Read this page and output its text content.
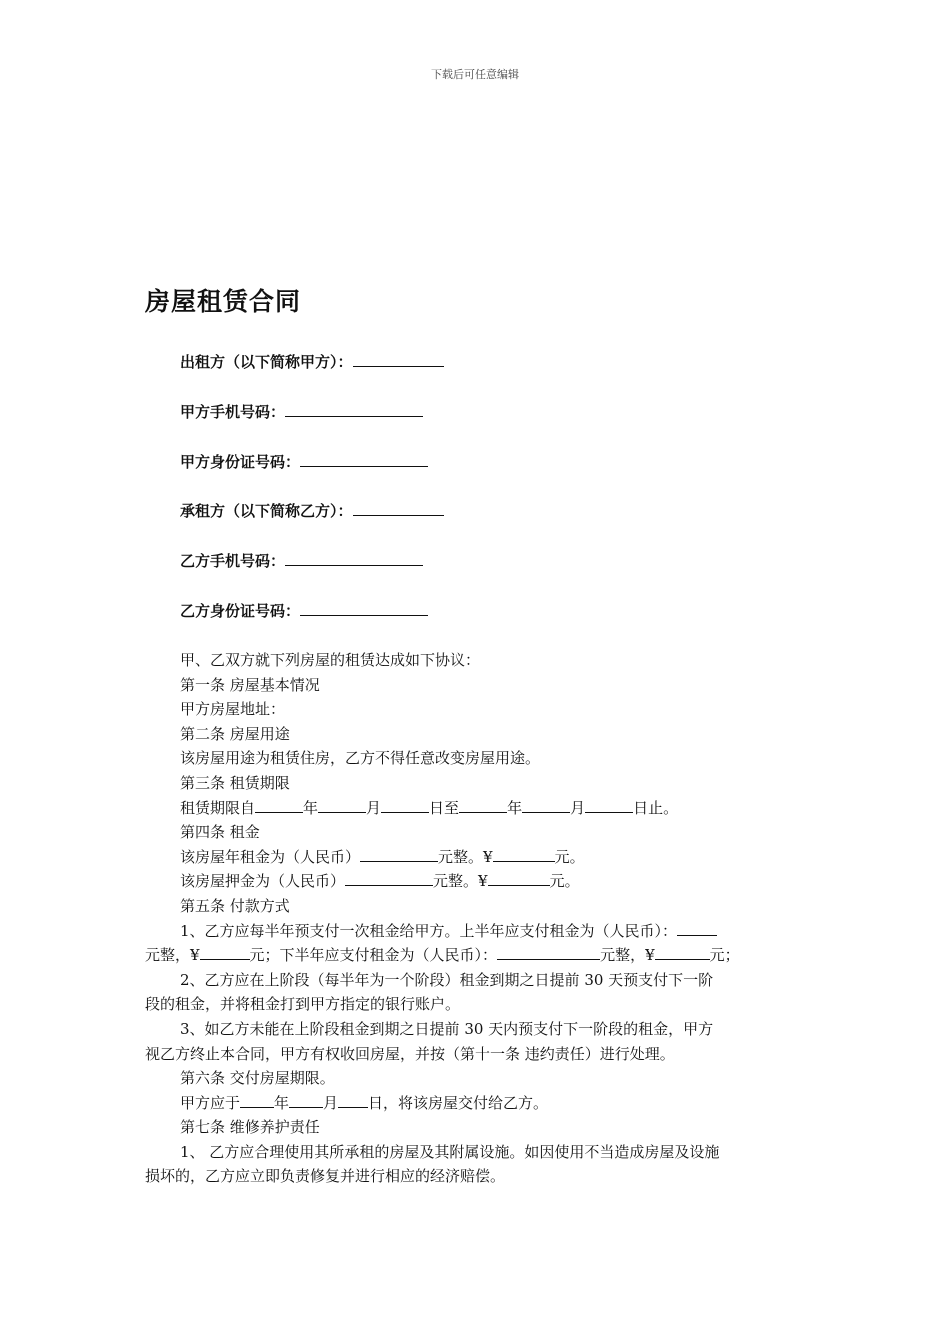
下载后可任意编辑
房屋租赁合同
出租方（以下简称甲方）：
甲方手机号码：
甲方身份证号码：
承租方（以下简称乙方）：
乙方手机号码：
乙方身份证号码：

甲、乙双方就下列房屋的租赁达成如下协议：

第一条 房屋基本情况

甲方房屋地址：

第二条 房屋用途

该房屋用途为租赁住房，乙方不得任意改变房屋用途。

第三条 租赁期限

租赁期限自	年	月	日至	年	月	日止。

第四条 租金

该房屋年租金为（人民币）	元整。¥	元。

该房屋押金为（人民币）	元整。¥	元。

第五条 付款方式

1、乙方应每半年预支付一次租金给甲方。上半年应支付租金为（人民币）：

元整，¥	元；下半年应支付租金为（人民币）：	元整，¥	元；

2、乙方应在上阶段（每半年为一个阶段）租金到期之日提前 30 天预支付下一阶

段的租金，并将租金打到甲方指定的银行账户。

3、如乙方未能在上阶段租金到期之日提前 30 天内预支付下一阶段的租金，甲方

视乙方终止本合同，甲方有权收回房屋，并按（第十一条 违约责任）进行处理。

第六条 交付房屋期限。

甲方应于 年 月 日，将该房屋交付给乙方。

第七条 维修养护责任

1、 乙方应合理使用其所承租的房屋及其附属设施。如因使用不当造成房屋及设施

损坏的，乙方应立即负责修复并进行相应的经济赔偿。
